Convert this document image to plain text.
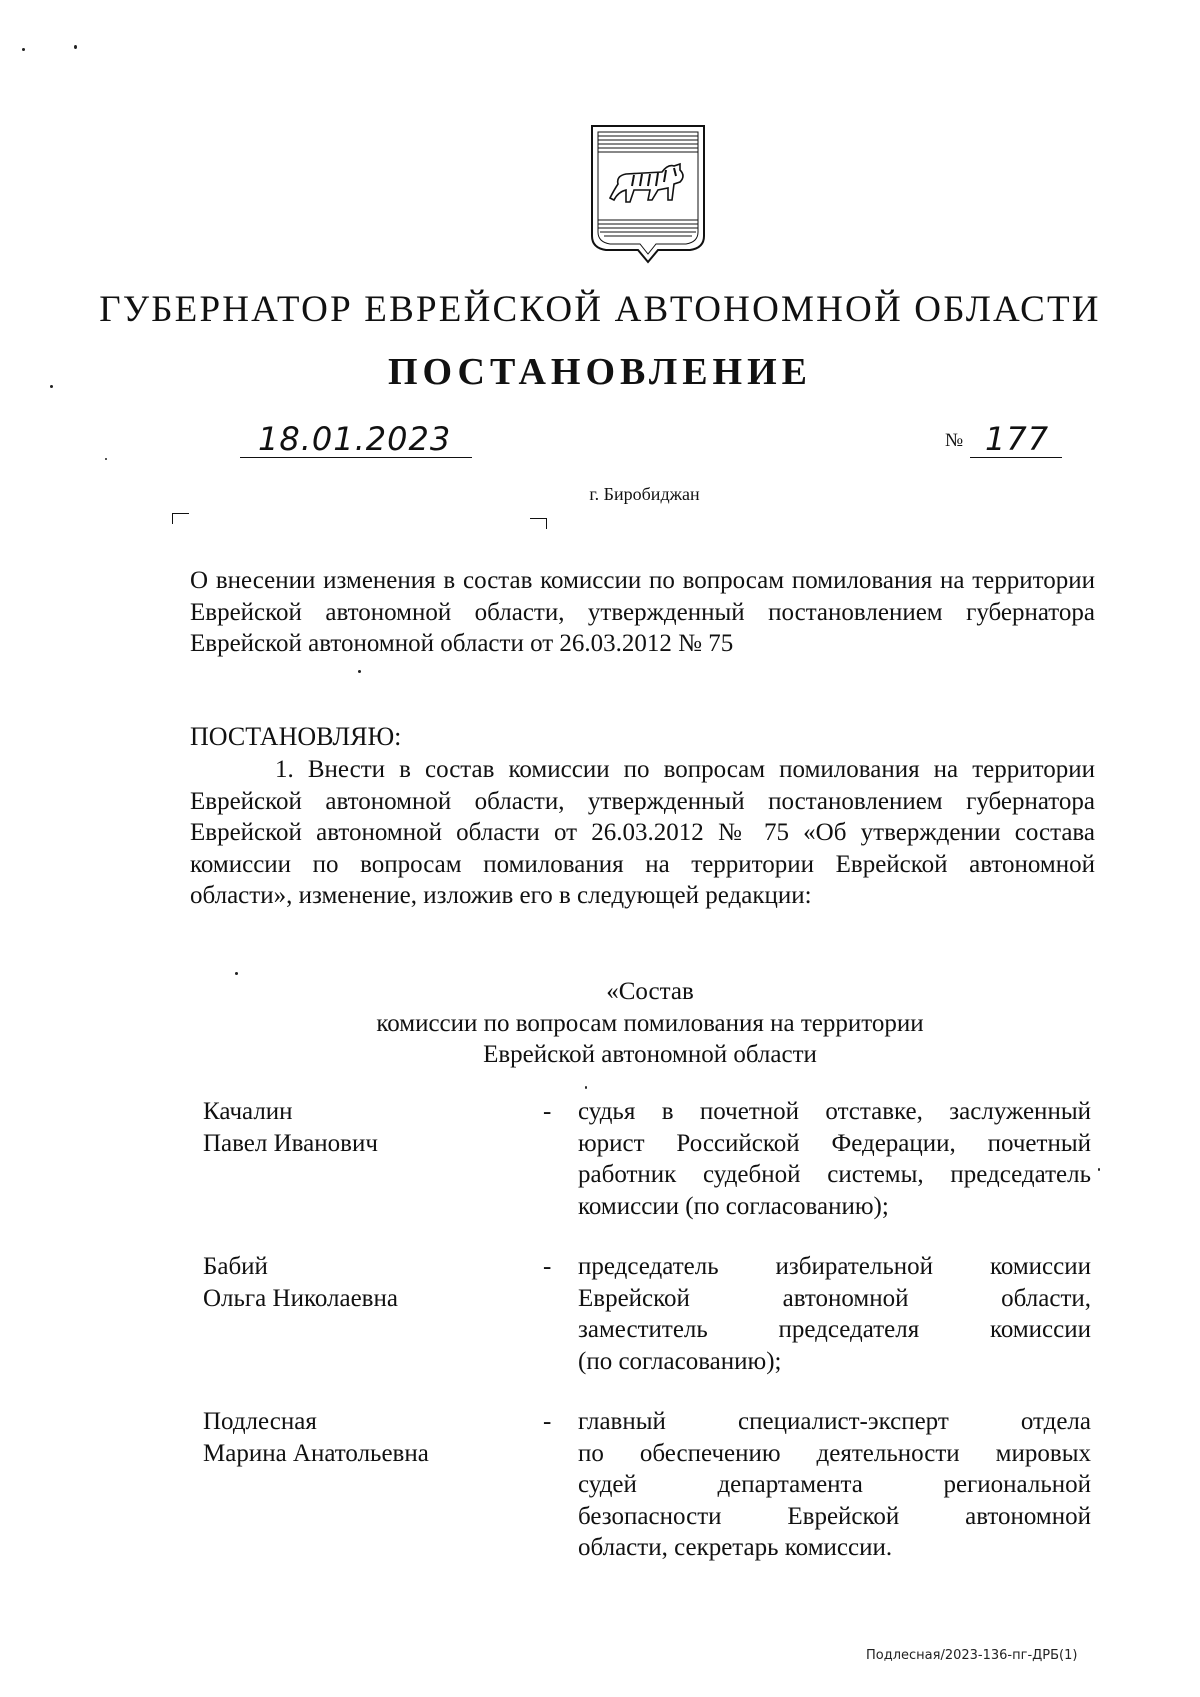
ГУБЕРНАТОР ЕВРЕЙСКОЙ АВТОНОМНОЙ ОБЛАСТИ
ПОСТАНОВЛЕНИЕ
18.01.2023	№ 177
г. Биробиджан
О внесении изменения в состав комиссии по вопросам помилования на территории Еврейской автономной области, утвержденный постановлением губернатора Еврейской автономной области от 26.03.2012 № 75
ПОСТАНОВЛЯЮ:
1. Внести в состав комиссии по вопросам помилования на территории Еврейской автономной области, утвержденный постановлением губернатора Еврейской автономной области от 26.03.2012 № 75 «Об утверждении состава комиссии по вопросам помилования на территории Еврейской автономной области», изменение, изложив его в следующей редакции:
«Состав
комиссии по вопросам помилования на территории
Еврейской автономной области
Качалин
Павел Иванович
- судья в почетной отставке, заслуженный
юрист Российской Федерации, почетный
работник судебной системы, председатель
комиссии (по согласованию);
Бабий
Ольга Николаевна
- председатель избирательной комиссии
Еврейской автономной области,
заместитель председателя комиссии
(по согласованию);
Подлесная
Марина Анатольевна
- главный специалист-эксперт отдела
по обеспечению деятельности мировых
судей департамента региональной
безопасности Еврейской автономной
области, секретарь комиссии.
Подлесная/2023-136-пг-ДРБ(1)
